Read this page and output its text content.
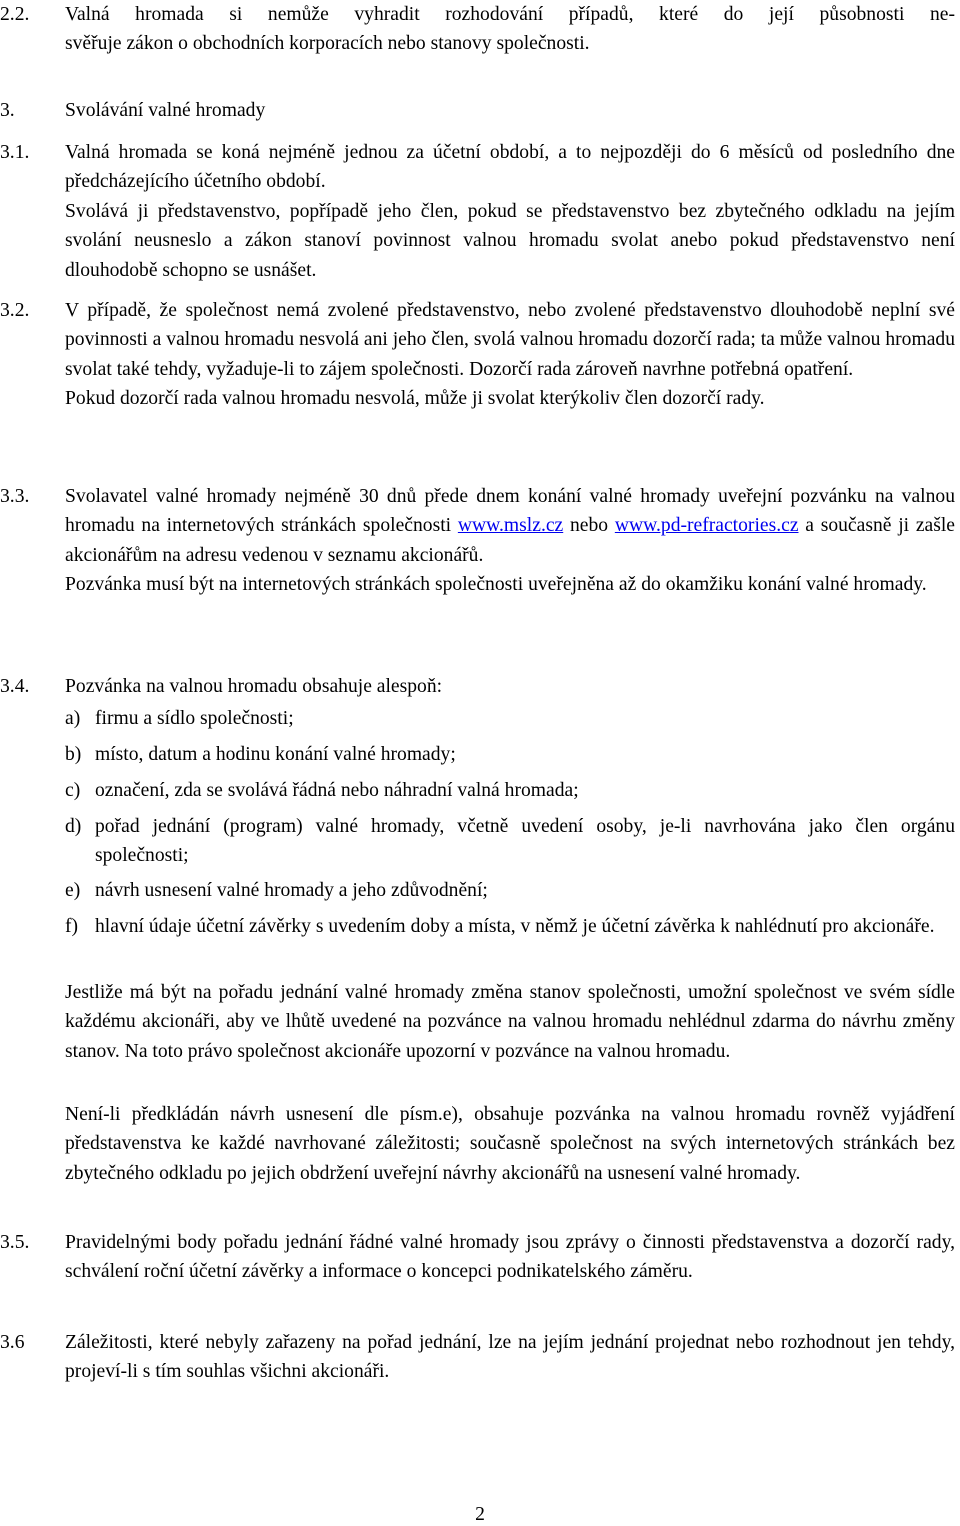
2.2. Valná hromada si nemůže vyhradit rozhodování případů, které do její působnosti ne-

svěřuje zákon o obchodních korporacích nebo stanovy společnosti.

3.	Svolávání valné hromady

3.1. Valná hromada se koná nejméně jednou za účetní období, a to nejpozději do 6 měsíců od posledního dne předcházejícího účetního období.

Svolává ji představenstvo, popřípadě jeho člen, pokud se představenstvo bez zbytečného odkladu na jejím svolání neusneslo a zákon stanoví povinnost valnou hromadu svolat anebo pokud představenstvo není dlouhodobě schopno se usnášet.

3.2. V případě, že společnost nemá zvolené představenstvo, nebo zvolené představenstvo dlouhodobě neplní své povinnosti a valnou hromadu nesvolá ani jeho člen, svolá valnou hromadu dozorčí rada; ta může valnou hromadu svolat také tehdy, vyžaduje-li to zájem společnosti. Dozorčí rada zároveň navrhne potřebná opatření.

Pokud dozorčí rada valnou hromadu nesvolá, může ji svolat kterýkoliv člen dozorčí rady.

3.3. Svolavatel valné hromady nejméně 30 dnů přede dnem konání valné hromady uveřejní pozvánku na valnou hromadu na internetových stránkách společnosti www.mslz.cz nebo www.pd-refractories.cz a současně ji zašle akcionářům na adresu vedenou v seznamu akcionářů.

Pozvánka musí být na internetových stránkách společnosti uveřejněna až do okamžiku konání valné hromady.

3.4. Pozvánka na valnou hromadu obsahuje alespoň:

a) firmu a sídlo společnosti;
b) místo, datum a hodinu konání valné hromady;
c) označení, zda se svolává řádná nebo náhradní valná hromada;
d) pořad jednání (program) valné hromady, včetně uvedení osoby, je-li navrhována jako člen orgánu společnosti;
e) návrh usnesení valné hromady a jeho zdůvodnění;
f) hlavní údaje účetní závěrky s uvedením doby a místa, v němž je účetní závěrka k nahlédnutí pro akcionáře.

Jestliže má být na pořadu jednání valné hromady změna stanov společnosti, umožní společnost ve svém sídle každému akcionáři, aby ve lhůtě uvedené na pozvánce na valnou hromadu nehlédnul zdarma do návrhu změny stanov. Na toto právo společnost akcionáře upozorní v pozvánce na valnou hromadu.

Není-li předkládán návrh usnesení dle písm.e), obsahuje pozvánka na valnou hromadu rovněž vyjádření představenstva ke každé navrhované záležitosti; současně společnost na svých internetových stránkách bez zbytečného odkladu po jejich obdržení uveřejní návrhy akcionářů na usnesení valné hromady.

3.5. Pravidelnými body pořadu jednání řádné valné hromady jsou zprávy o činnosti představenstva a dozorčí rady, schválení roční účetní závěrky a informace o koncepci podnikatelského záměru.

3.6 Záležitosti, které nebyly zařazeny na pořad jednání, lze na jejím jednání projednat nebo rozhodnout jen tehdy, projeví-li s tím souhlas všichni akcionáři.

2
